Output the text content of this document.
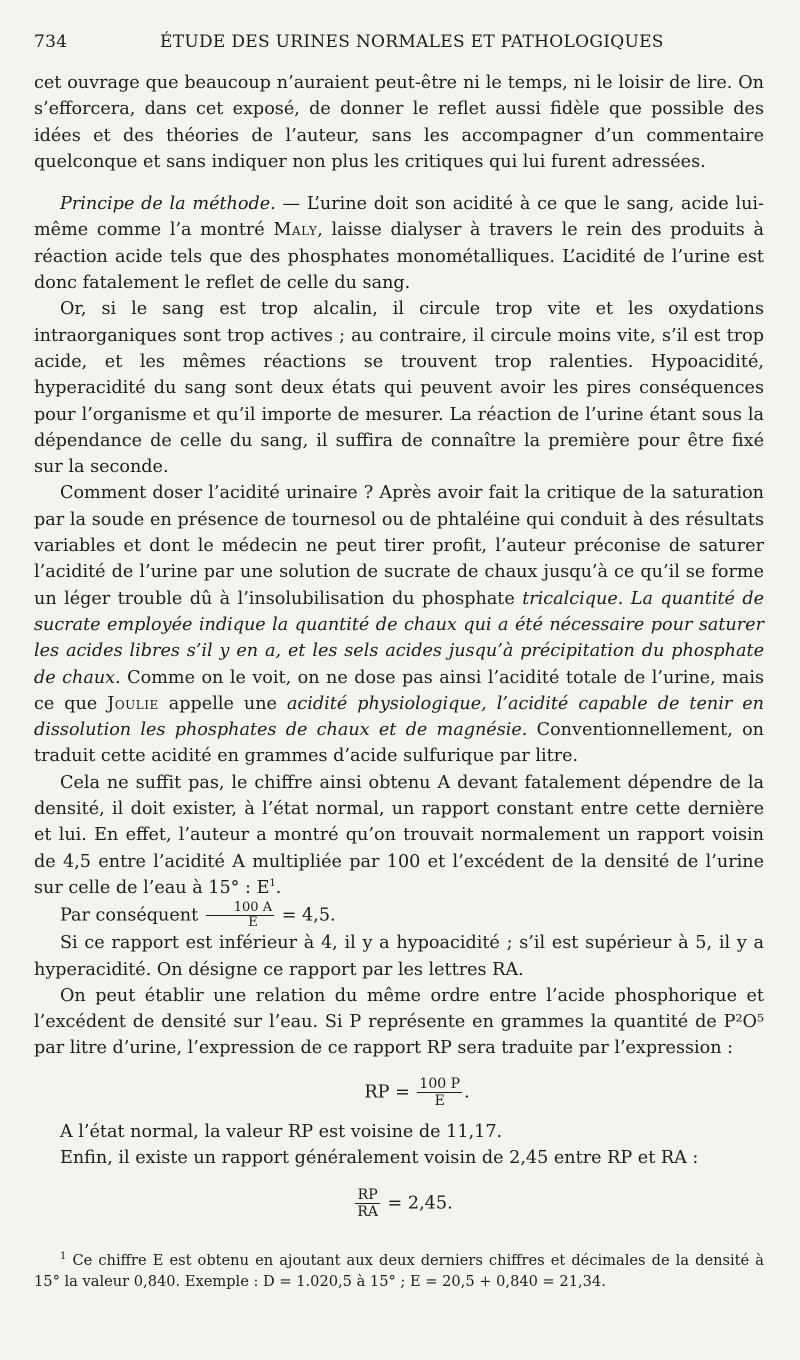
734	ÉTUDE DES URINES NORMALES ET PATHOLOGIQUES

cet ouvrage que beaucoup n’auraient peut-être ni le temps, ni le loisir de lire. On s’efforcera, dans cet exposé, de donner le reflet aussi fidèle que possible des idées et des théories de l’auteur, sans les accompagner d’un commentaire quelconque et sans indiquer non plus les critiques qui lui furent adressées.

Principe de la méthode. — L’urine doit son acidité à ce que le sang, acide lui-même comme l’a montré Maly, laisse dialyser à travers le rein des produits à réaction acide tels que des phosphates monométalliques. L’acidité de l’urine est donc fatalement le reflet de celle du sang.

Or, si le sang est trop alcalin, il circule trop vite et les oxydations intraorganiques sont trop actives ; au contraire, il circule moins vite, s’il est trop acide, et les mêmes réactions se trouvent trop ralenties. Hypoacidité, hyperacidité du sang sont deux états qui peuvent avoir les pires conséquences pour l’organisme et qu’il importe de mesurer. La réaction de l’urine étant sous la dépendance de celle du sang, il suffira de connaître la première pour être fixé sur la seconde.

Comment doser l’acidité urinaire ? Après avoir fait la critique de la saturation par la soude en présence de tournesol ou de phtaléine qui conduit à des résultats variables et dont le médecin ne peut tirer profit, l’auteur préconise de saturer l’acidité de l’urine par une solution de sucrate de chaux jusqu’à ce qu’il se forme un léger trouble dû à l’insolubilisation du phosphate tricalcique. La quantité de sucrate employée indique la quantité de chaux qui a été nécessaire pour saturer les acides libres s’il y en a, et les sels acides jusqu’à précipitation du phosphate de chaux. Comme on le voit, on ne dose pas ainsi l’acidité totale de l’urine, mais ce que Joulie appelle une acidité physiologique, l’acidité capable de tenir en dissolution les phosphates de chaux et de magnésie. Conventionnellement, on traduit cette acidité en grammes d’acide sulfurique par litre.

Cela ne suffit pas, le chiffre ainsi obtenu A devant fatalement dépendre de la densité, il doit exister, à l’état normal, un rapport constant entre cette dernière et lui. En effet, l’auteur a montré qu’on trouvait normalement un rapport voisin de 4,5 entre l’acidité A multipliée par 100 et l’excédent de la densité de l’urine sur celle de l’eau à 15° : $E^1$.

Par conséquent $\frac{100 A}{E} = 4,5$.

Si ce rapport est inférieur à 4, il y a hypoacidité ; s’il est supérieur à 5, il y a hyperacidité. On désigne ce rapport par les lettres RA.

On peut établir une relation du même ordre entre l’acide phosphorique et l’excédent de densité sur l’eau. Si P représente en grammes la quantité de P²O⁵ par litre d’urine, l’expression de ce rapport RP sera traduite par l’expression :

RP = $\frac{100 P}{E}$ .

A l’état normal, la valeur RP est voisine de 11,17.

Enfin, il existe un rapport généralement voisin de 2,45 entre RP et RA :

$\frac{RP}{RA} = 2,45$.

$^1$ Ce chiffre E est obtenu en ajoutant aux deux derniers chiffres et décimales de la densité à 15° la valeur 0,840. Exemple : D = 1.020,5 à 15° ; E = 20,5 + 0,840 = 21,34.
